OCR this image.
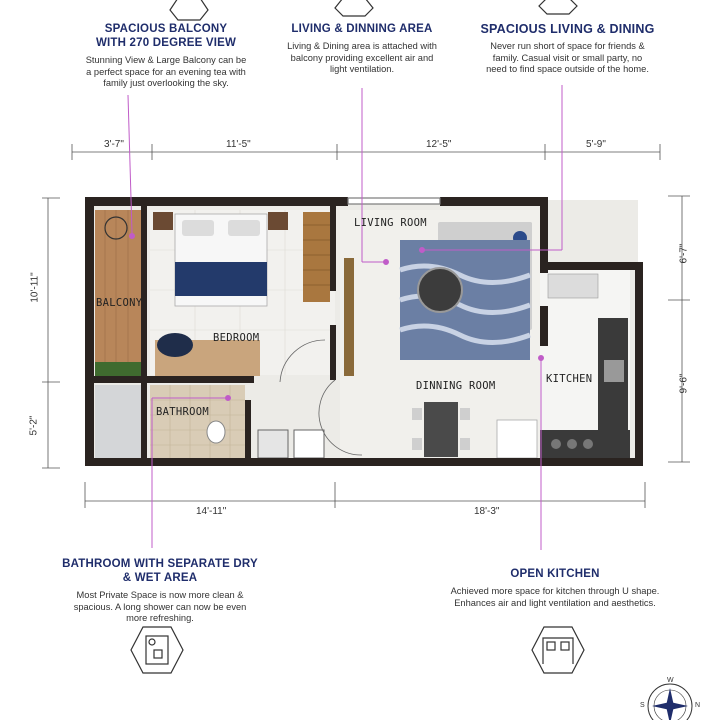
SPACIOUS BALCONY
WITH 270 DEGREE VIEW
Stunning View & Large Balcony can be
a perfect space for an evening tea with
family just overlooking the sky.
LIVING & DINNING AREA
Living & Dining area is attached with
balcony providing excellent air and
light ventilation.
SPACIOUS LIVING & DINING
Never run short of space for friends &
family. Casual visit or small party, no
need to find space outside of the home.
BATHROOM WITH SEPARATE DRY
& WET AREA
Most Private Space is now more clean &
spacious. A long shower can now be even
more refreshing.
OPEN KITCHEN
Achieved more space for kitchen through U shape.
Enhances air and light ventilation and aesthetics.
W
S	N
3'-7"	11'-5"	12'-5"	5'-9"
14'-11"	18'-3"
10'-11"
5'-2"
6'-7"
9'-6"
BALCONY
BEDROOM
BATHROOM
LIVING ROOM
DINNING ROOM
KITCHEN
